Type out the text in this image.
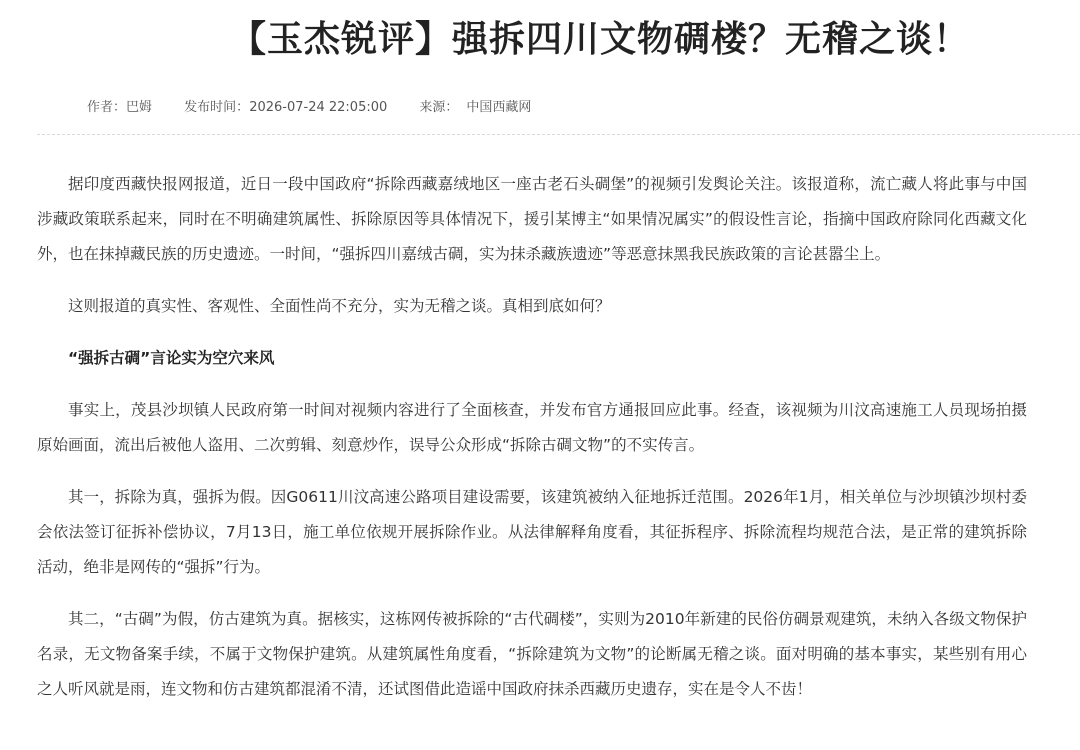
【玉杰锐评】强拆四川文物碉楼？无稽之谈！
作者：巴姆 发布时间：2026-07-24 22:05:00 来源： 中国西藏网

据印度西藏快报网报道，近日一段中国政府“拆除西藏嘉绒地区一座古老石头碉堡”的视频引发舆论关注。该报道称，流亡藏人将此事与中国涉藏政策联系起来，同时在不明确建筑属性、拆除原因等具体情况下，援引某博主“如果情况属实”的假设性言论，指摘中国政府除同化西藏文化外，也在抹掉藏民族的历史遗迹。一时间，“强拆四川嘉绒古碉，实为抹杀藏族遗迹”等恶意抹黑我民族政策的言论甚嚣尘上。

这则报道的真实性、客观性、全面性尚不充分，实为无稽之谈。真相到底如何？

“强拆古碉”言论实为空穴来风

事实上，茂县沙坝镇人民政府第一时间对视频内容进行了全面核查，并发布官方通报回应此事。经查，该视频为川汶高速施工人员现场拍摄原始画面，流出后被他人盗用、二次剪辑、刻意炒作，误导公众形成“拆除古碉文物”的不实传言。

其一，拆除为真，强拆为假。因G0611川汶高速公路项目建设需要，该建筑被纳入征地拆迁范围。2026年1月，相关单位与沙坝镇沙坝村委会依法签订征拆补偿协议，7月13日，施工单位依规开展拆除作业。从法律解释角度看，其征拆程序、拆除流程均规范合法，是正常的建筑拆除活动，绝非是网传的“强拆”行为。

其二，“古碉”为假，仿古建筑为真。据核实，这栋网传被拆除的“古代碉楼”，实则为2010年新建的民俗仿碉景观建筑，未纳入各级文物保护名录，无文物备案手续，不属于文物保护建筑。从建筑属性角度看，“拆除建筑为文物”的论断属无稽之谈。面对明确的基本事实，某些别有用心之人听风就是雨，连文物和仿古建筑都混淆不清，还试图借此造谣中国政府抹杀西藏历史遗存，实在是令人不齿！
